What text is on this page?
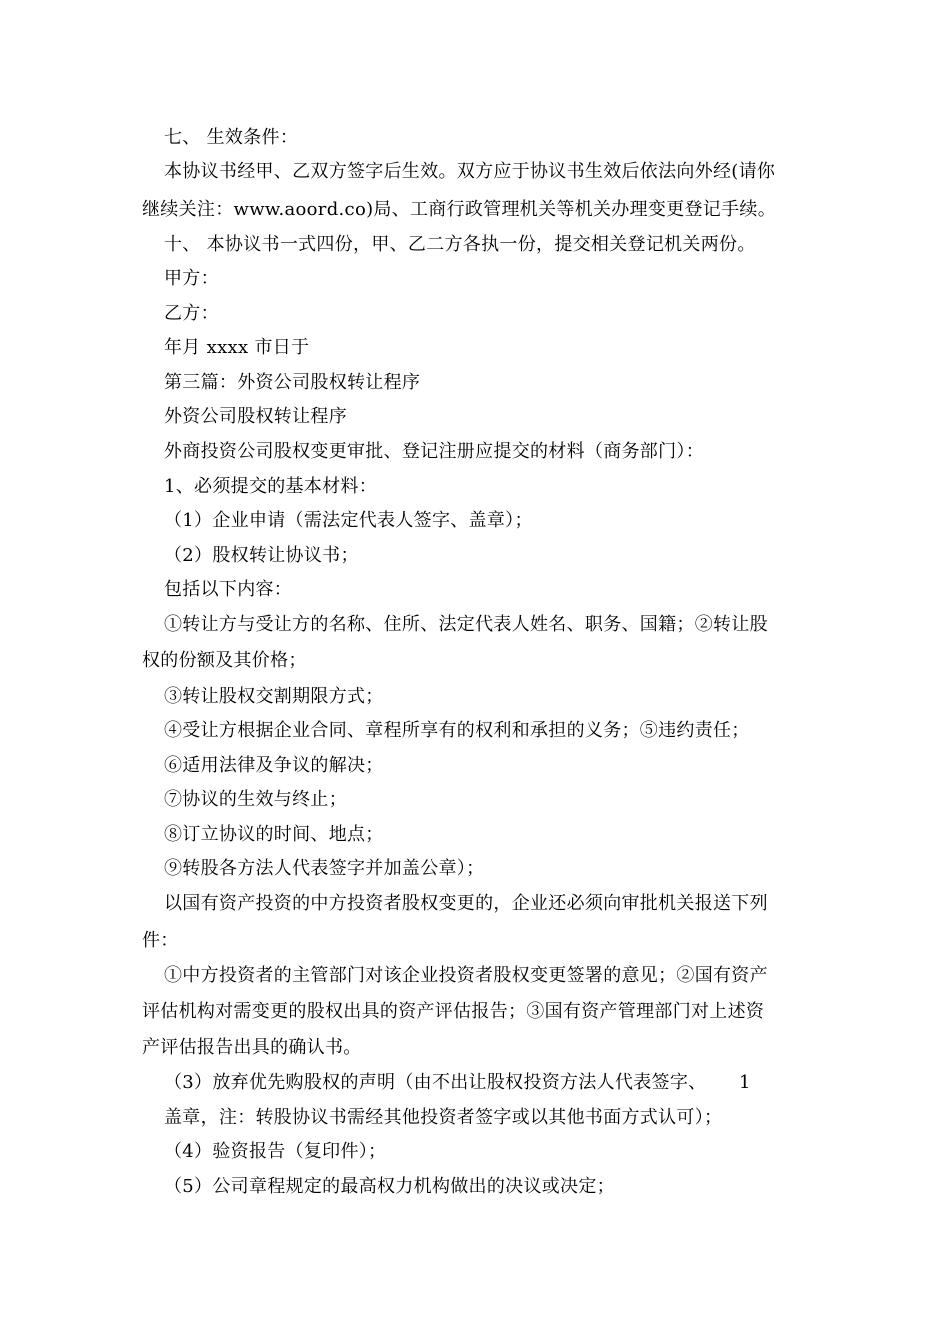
七、 生效条件：
本协议书经甲、乙双方签字后生效。双方应于协议书生效后依法向外经(请你
继续关注：www.aoord.co)局、工商行政管理机关等机关办理变更登记手续。
十、 本协议书一式四份，甲、乙二方各执一份，提交相关登记机关两份。
甲方：
乙方：
年月 xxxx 市日于
第三篇：外资公司股权转让程序
外资公司股权转让程序
外商投资公司股权变更审批、登记注册应提交的材料（商务部门）：
1、必须提交的基本材料：
（1）企业申请（需法定代表人签字、盖章）；
（2）股权转让协议书；
包括以下内容：
①转让方与受让方的名称、住所、法定代表人姓名、职务、国籍；②转让股
权的份额及其价格；
③转让股权交割期限方式；
④受让方根据企业合同、章程所享有的权利和承担的义务；⑤违约责任；
⑥适用法律及争议的解决；
⑦协议的生效与终止；
⑧订立协议的时间、地点；
⑨转股各方法人代表签字并加盖公章）；
以国有资产投资的中方投资者股权变更的，企业还必须向审批机关报送下列
件：
①中方投资者的主管部门对该企业投资者股权变更签署的意见；②国有资产
评估机构对需变更的股权出具的资产评估报告；③国有资产管理部门对上述资
产评估报告出具的确认书。
（3）放弃优先购股权的声明（由不出让股权投资方法人代表签字、 1
盖章，注：转股协议书需经其他投资者签字或以其他书面方式认可）；
（4）验资报告（复印件）；
（5）公司章程规定的最高权力机构做出的决议或决定；
